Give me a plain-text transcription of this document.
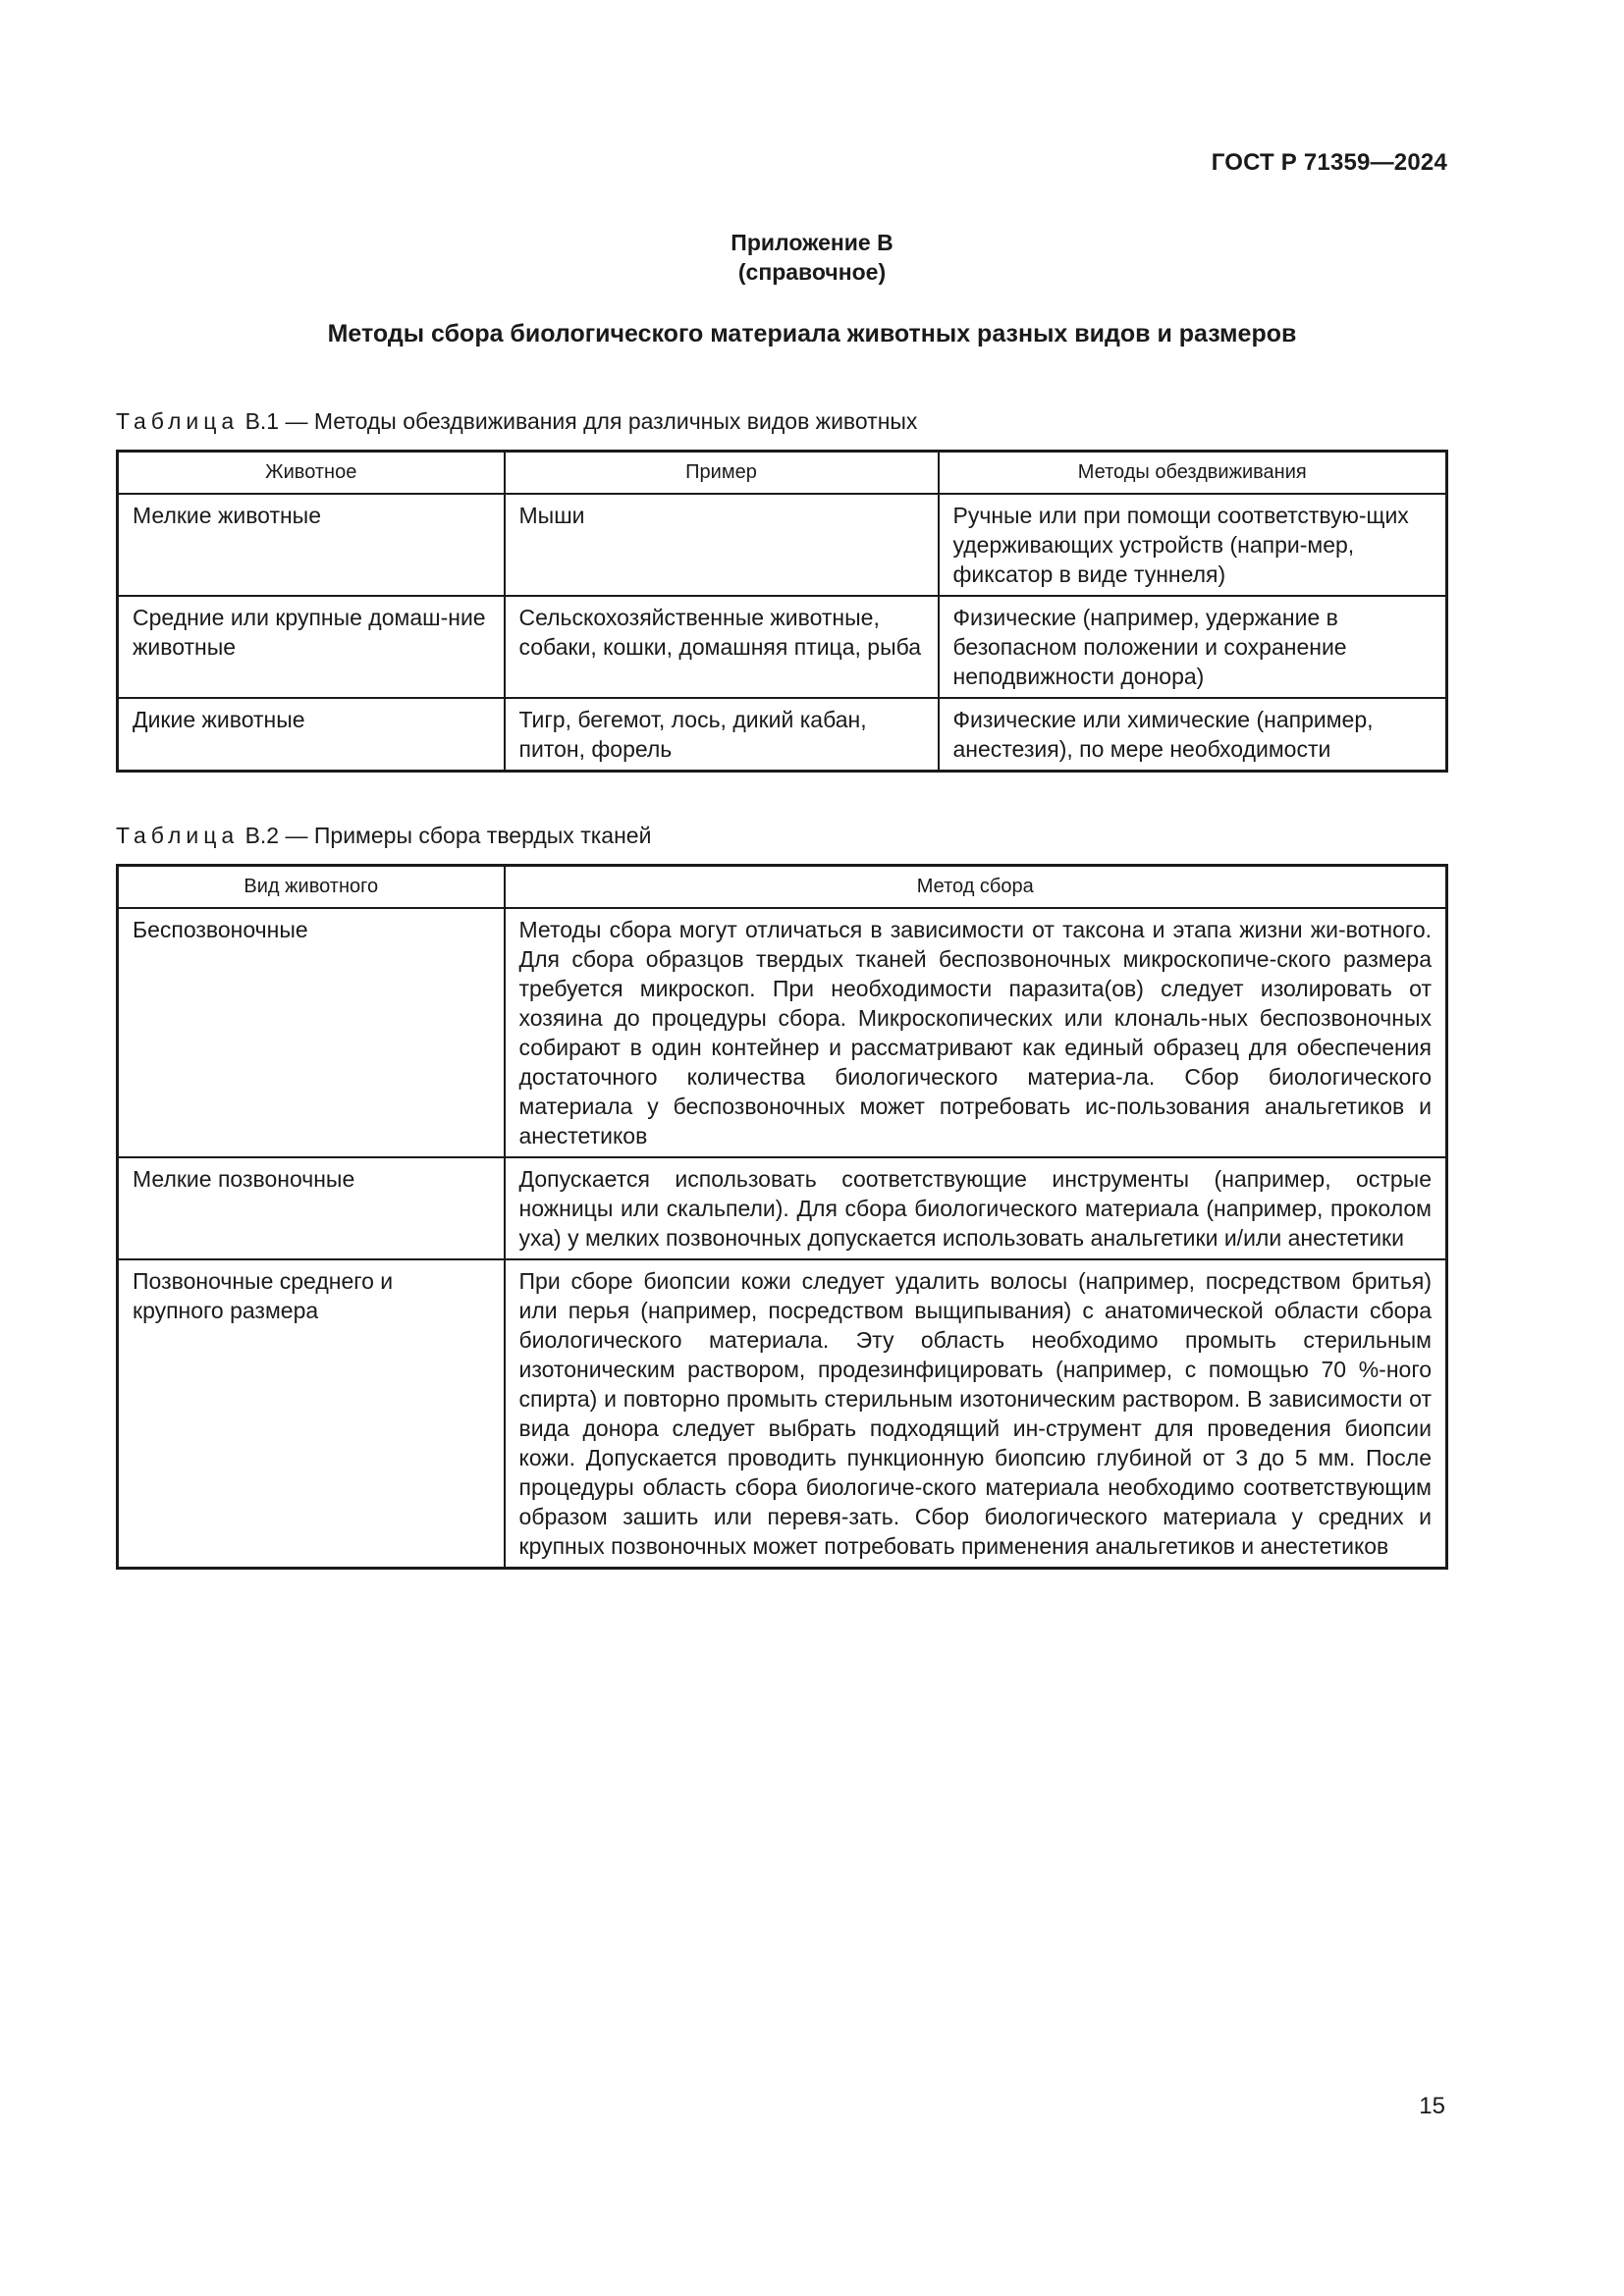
ГОСТ Р 71359—2024
Приложение В
(справочное)
Методы сбора биологического материала животных разных видов и размеров
Таблица В.1 — Методы обездвиживания для различных видов животных
Животное	Пример	Методы обездвиживания
Мелкие животные	Мыши	Ручные или при помощи соответствую-щих удерживающих устройств (напри-мер, фиксатор в виде туннеля)
Средние или крупные домаш-ние животные	Сельскохозяйственные животные, собаки, кошки, домашняя птица, рыба	Физические (например, удержание в безопасном положении и сохранение неподвижности донора)
Дикие животные	Тигр, бегемот, лось, дикий кабан, питон, форель	Физические или химические (например, анестезия), по мере необходимости
Таблица В.2 — Примеры сбора твердых тканей
Вид животного	Метод сбора
Беспозвоночные	Методы сбора могут отличаться в зависимости от таксона и этапа жизни жи-вотного. Для сбора образцов твердых тканей беспозвоночных микроскопиче-ского размера требуется микроскоп. При необходимости паразита(ов) следует изолировать от хозяина до процедуры сбора. Микроскопических или клональ-ных беспозвоночных собирают в один контейнер и рассматривают как единый образец для обеспечения достаточного количества биологического материа-ла. Сбор биологического материала у беспозвоночных может потребовать ис-пользования анальгетиков и анестетиков
Мелкие позвоночные	Допускается использовать соответствующие инструменты (например, острые ножницы или скальпели). Для сбора биологического материала (например, проколом уха) у мелких позвоночных допускается использовать анальгетики и/или анестетики
Позвоночные среднего и крупного размера	При сборе биопсии кожи следует удалить волосы (например, посредством бритья) или перья (например, посредством выщипывания) с анатомической области сбора биологического материала. Эту область необходимо промыть стерильным изотоническим раствором, продезинфицировать (например, с помощью 70 %-ного спирта) и повторно промыть стерильным изотоническим раствором. В зависимости от вида донора следует выбрать подходящий ин-струмент для проведения биопсии кожи. Допускается проводить пункционную биопсию глубиной от 3 до 5 мм. После процедуры область сбора биологиче-ского материала необходимо соответствующим образом зашить или перевя-зать. Сбор биологического материала у средних и крупных позвоночных может потребовать применения анальгетиков и анестетиков
15
